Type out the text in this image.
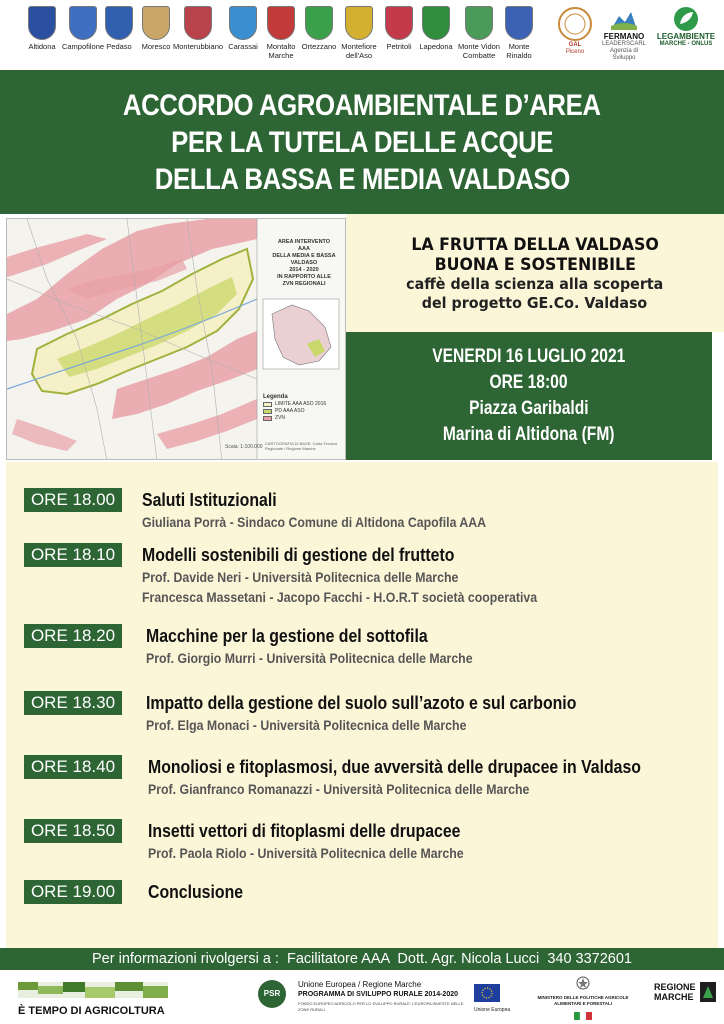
Altidona Campofilone Pedaso	Moresco Monterubbiano Carassai	Montalto
Marche
Ortezzano Montefiore
dell'Aso
Petritoli	Lapedona Monte Vidon
Combatte
Monte
Rinaldo
GAL
Piceno
FERMANO
LEADERSCARL
Agenzia di Sviluppo
LEGAMBIENTE
MARCHE - ONLUS
ACCORDO AGROAMBIENTALE D’AREA
PER LA TUTELA DELLE ACQUE
DELLA BASSA E MEDIA VALDASO
AREA INTERVENTO
AAA
DELLA MEDIA E BASSA
VALDASO
2014 - 2020
IN RAPPORTO ALLE
ZVN REGIONALI
Legenda
LIMITE AAA ASO 2016
PD AAA ASO
ZVN
Scala: 1:100.000
CARTOGRAFIA DI BASE: Carta Tecnica Regionale / Regione Marche
LA FRUTTA DELLA VALDASO
BUONA E SOSTENIBILE
caffè della scienza alla scoperta
del progetto GE.Co. Valdaso
VENERDI 16 LUGLIO 2021
ORE 18:00
Piazza Garibaldi
Marina di Altidona (FM)
ORE 18.00	Saluti Istituzionali
Giuliana Porrà - Sindaco Comune di Altidona Capofila AAA
ORE 18.10	Modelli sostenibili di gestione del frutteto
Prof. Davide Neri - Università Politecnica delle Marche
Francesca Massetani - Jacopo Facchi - H.O.R.T società cooperativa
ORE 18.20	Macchine per la gestione del sottofila
Prof. Giorgio Murri - Università Politecnica delle Marche
ORE 18.30	Impatto della gestione del suolo sull’azoto e sul carbonio
Prof. Elga Monaci - Università Politecnica delle Marche
ORE 18.40	Monoliosi e fitoplasmosi, due avversità delle drupacee in Valdaso
Prof. Gianfranco Romanazzi - Università Politecnica delle Marche
ORE 18.50	Insetti vettori di fitoplasmi delle drupacee
Prof. Paola Riolo - Università Politecnica delle Marche
ORE 19.00	Conclusione
Per informazioni rivolgersi a :  Facilitatore AAA  Dott. Agr. Nicola Lucci  340 3372601
È TEMPO DI AGRICOLTURA
PSR
Unione Europea / Regione Marche
PROGRAMMA DI SVILUPPO RURALE 2014-2020
FONDO EUROPEO AGRICOLO PER LO SVILUPPO RURALE: L'EUROPA INVESTE NELLE ZONE RURALI	Unione Europea
MINISTERO DELLE POLITICHE AGRICOLE
ALIMENTARI E FORESTALI
REGIONE
MARCHE
